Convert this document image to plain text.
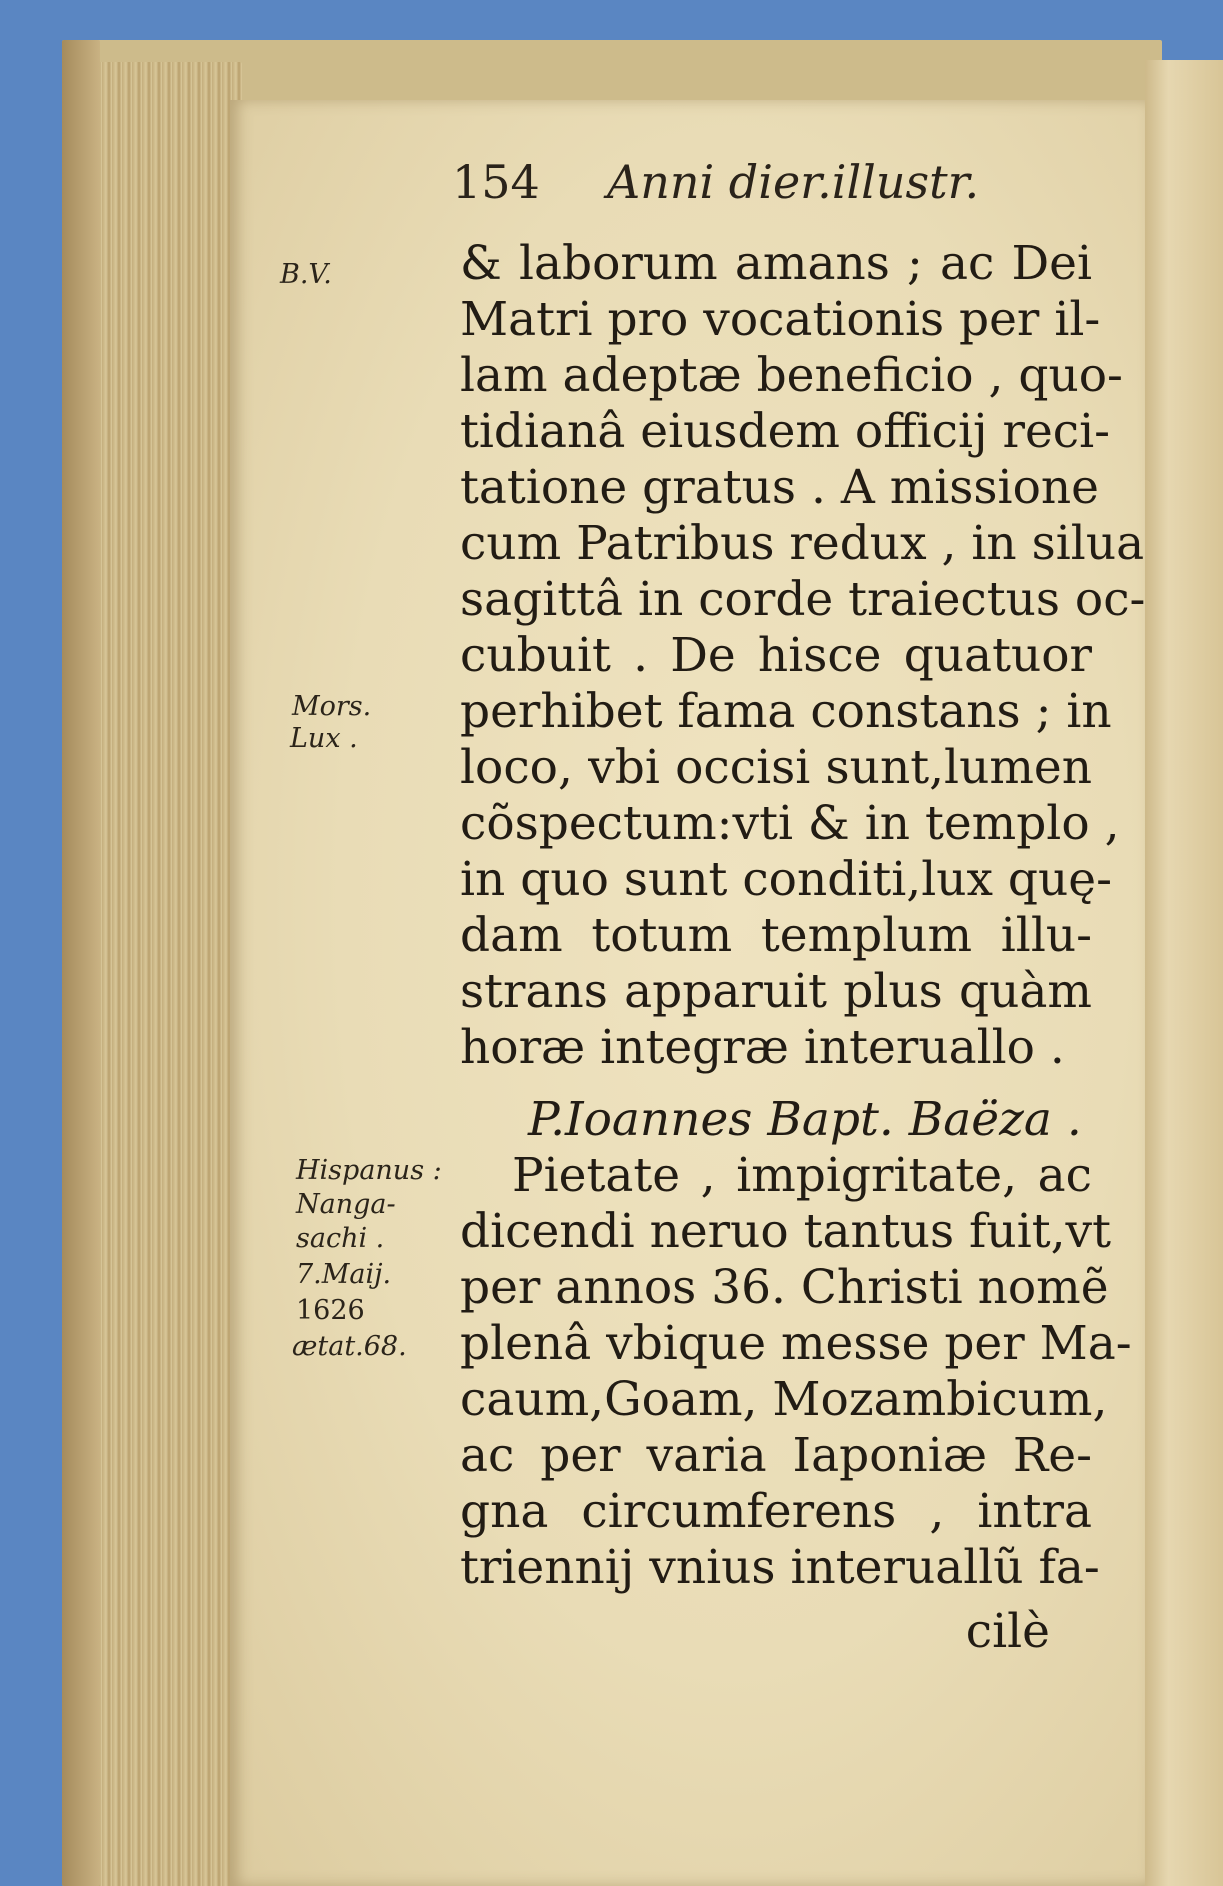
154 Anni dier.illustr.
B.V.
Mors.
Lux .
Hispanus :
Nanga-
sachi .
7.Maij.
1626
ætat.68.
& laborum amans ; ac Dei
Matri pro vocationis per il-
lam adeptæ beneficio , quo-
tidianâ eiusdem officij reci-
tatione gratus . A missione
cum Patribus redux , in silua
sagittâ in corde traiectus oc-
cubuit . De hisce quatuor
perhibet fama constans ; in
loco, vbi occisi sunt,lumen
cõspectum:vti & in templo ,
in quo sunt conditi,lux quę-
dam totum templum illu-
strans apparuit plus quàm
horæ integræ interuallo .
P.Ioannes Bapt. Baëza .
Pietate , impigritate, ac
dicendi neruo tantus fuit,vt
per annos 36. Christi nomẽ
plenâ vbique messe per Ma-
caum,Goam, Mozambicum,
ac per varia Iaponiæ Re-
gna circumferens , intra
triennij vnius interuallũ fa-
cilè
